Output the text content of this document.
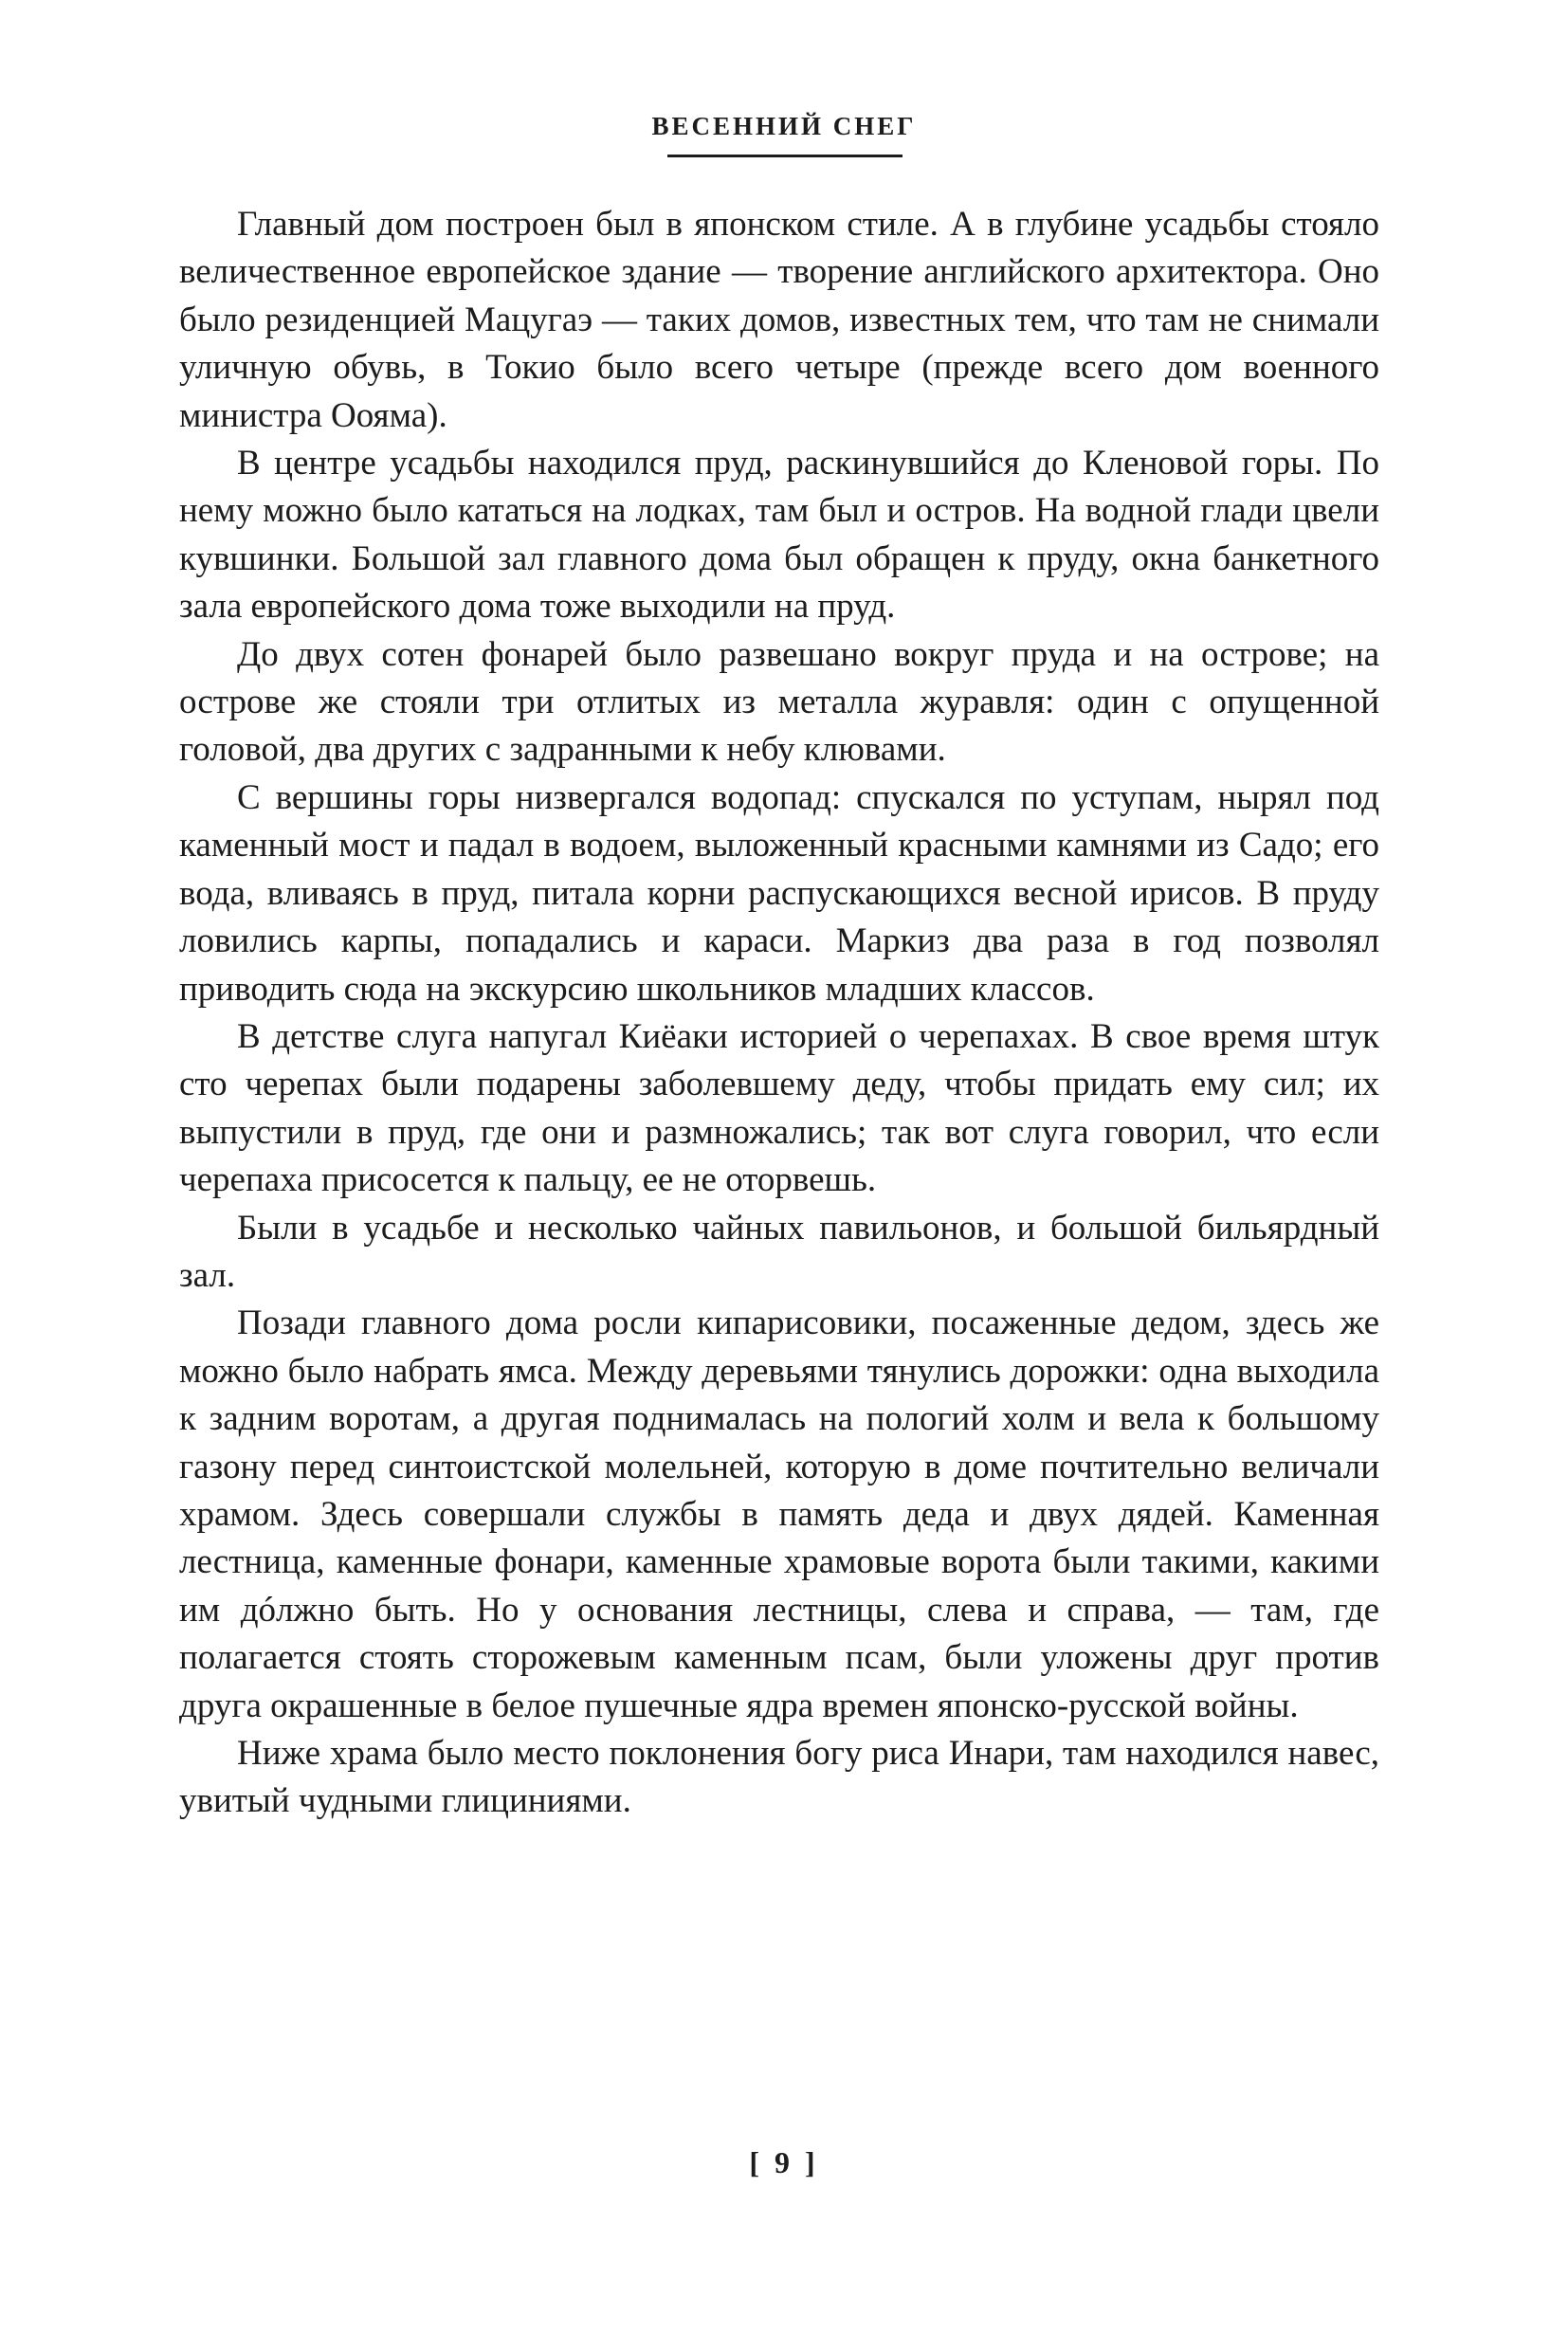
ВЕСЕННИЙ СНЕГ

Главный дом построен был в японском стиле. А в глубине усадьбы стояло величественное европейское здание — творение английского архитектора. Оно было резиденцией Мацугаэ — таких домов, известных тем, что там не снимали уличную обувь, в Токио было всего четыре (прежде всего дом военного министра Оояма).

В центре усадьбы находился пруд, раскинувшийся до Кленовой горы. По нему можно было кататься на лодках, там был и остров. На водной глади цвели кувшинки. Большой зал главного дома был обращен к пруду, окна банкетного зала европейского дома тоже выходили на пруд.

До двух сотен фонарей было развешано вокруг пруда и на острове; на острове же стояли три отлитых из металла журавля: один с опущенной головой, два других с задранными к небу клювами.

С вершины горы низвергался водопад: спускался по уступам, нырял под каменный мост и падал в водоем, выложенный красными камнями из Садо; его вода, вливаясь в пруд, питала корни распускающихся весной ирисов. В пруду ловились карпы, попадались и караси. Маркиз два раза в год позволял приводить сюда на экскурсию школьников младших классов.

В детстве слуга напугал Киёаки историей о черепахах. В свое время штук сто черепах были подарены заболевшему деду, чтобы придать ему сил; их выпустили в пруд, где они и размножались; так вот слуга говорил, что если черепаха присосется к пальцу, ее не оторвешь.

Были в усадьбе и несколько чайных павильонов, и большой бильярдный зал.

Позади главного дома росли кипарисовики, посаженные дедом, здесь же можно было набрать ямса. Между деревьями тянулись дорожки: одна выходила к задним воротам, а другая поднималась на пологий холм и вела к большому газону перед синтоистской молельней, которую в доме почтительно величали храмом. Здесь совершали службы в память деда и двух дядей. Каменная лестница, каменные фонари, каменные храмовые ворота были такими, какими им дóлжно быть. Но у основания лестницы, слева и справа, — там, где полагается стоять сторожевым каменным псам, были уложены друг против друга окрашенные в белое пушечные ядра времен японско-русской войны.

Ниже храма было место поклонения богу риса Инари, там находился навес, увитый чудными глициниями.

[ 9 ]
